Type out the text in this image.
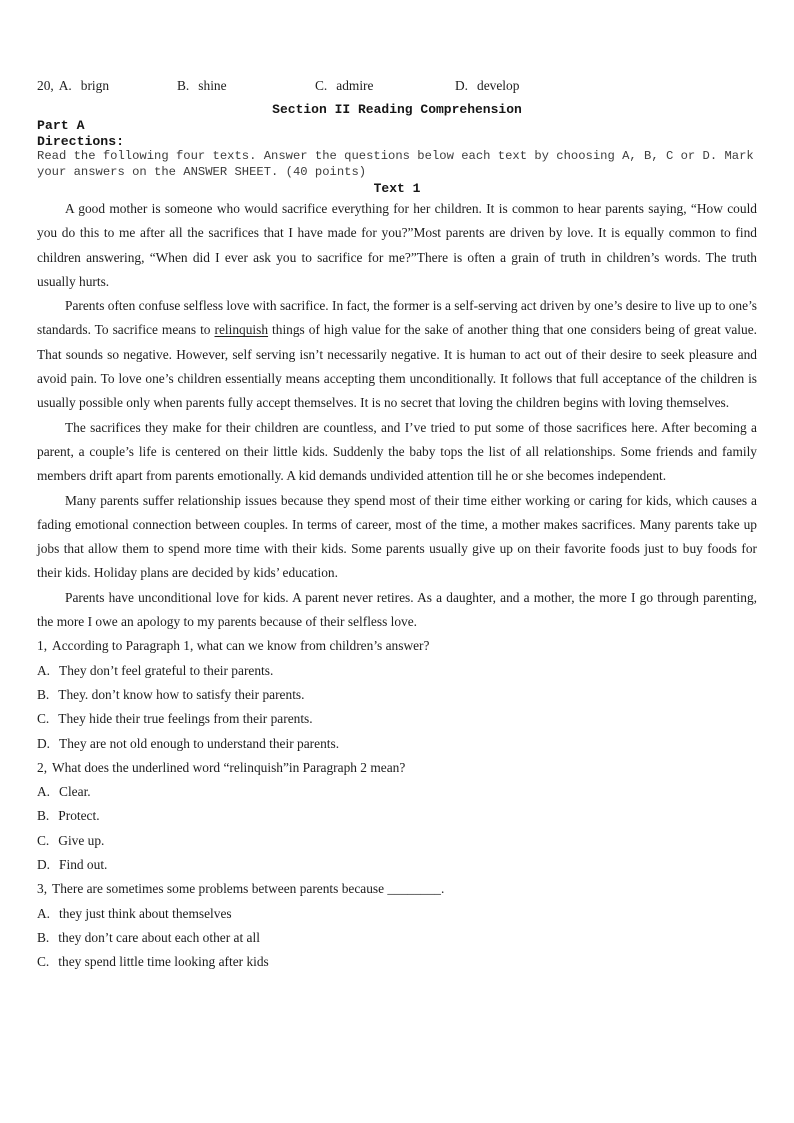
20, A. brign	B. shine	C. admire	D. develop
Section II Reading Comprehension
Part A
Directions:
Read the following four texts. Answer the questions below each text by choosing A, B, C or D. Mark your answers on the ANSWER SHEET. (40 points)
Text 1

A good mother is someone who would sacrifice everything for her children. It is common to hear parents saying, “How could you do this to me after all the sacrifices that I have made for you?”Most parents are driven by love. It is equally common to find children answering, “When did I ever ask you to sacrifice for me?”There is often a grain of truth in children’s words. The truth usually hurts.

Parents often confuse selfless love with sacrifice. In fact, the former is a self-serving act driven by one’s desire to live up to one’s standards. To sacrifice means to relinquish things of high value for the sake of another thing that one considers being of great value. That sounds so negative. However, self serving isn’t necessarily negative. It is human to act out of their desire to seek pleasure and avoid pain. To love one’s children essentially means accepting them unconditionally. It follows that full acceptance of the children is usually possible only when parents fully accept themselves. It is no secret that loving the children begins with loving themselves.

The sacrifices they make for their children are countless, and I’ve tried to put some of those sacrifices here. After becoming a parent, a couple’s life is centered on their little kids. Suddenly the baby tops the list of all relationships. Some friends and family members drift apart from parents emotionally. A kid demands undivided attention till he or she becomes independent.

Many parents suffer relationship issues because they spend most of their time either working or caring for kids, which causes a fading emotional connection between couples. In terms of career, most of the time, a mother makes sacrifices. Many parents take up jobs that allow them to spend more time with their kids. Some parents usually give up on their favorite foods just to buy foods for their kids. Holiday plans are decided by kids’ education.

Parents have unconditional love for kids. A parent never retires. As a daughter, and a mother, the more I go through parenting, the more I owe an apology to my parents because of their selfless love.

1, According to Paragraph 1, what can we know from children’s answer?
A. They don’t feel grateful to their parents.
B. They. don’t know how to satisfy their parents.
C. They hide their true feelings from their parents.
D. They are not old enough to understand their parents.
2, What does the underlined word “relinquish”in Paragraph 2 mean?
A. Clear.
B. Protect.
C. Give up.
D. Find out.
3, There are sometimes some problems between parents because ________.
A. they just think about themselves
B. they don’t care about each other at all
C. they spend little time looking after kids
